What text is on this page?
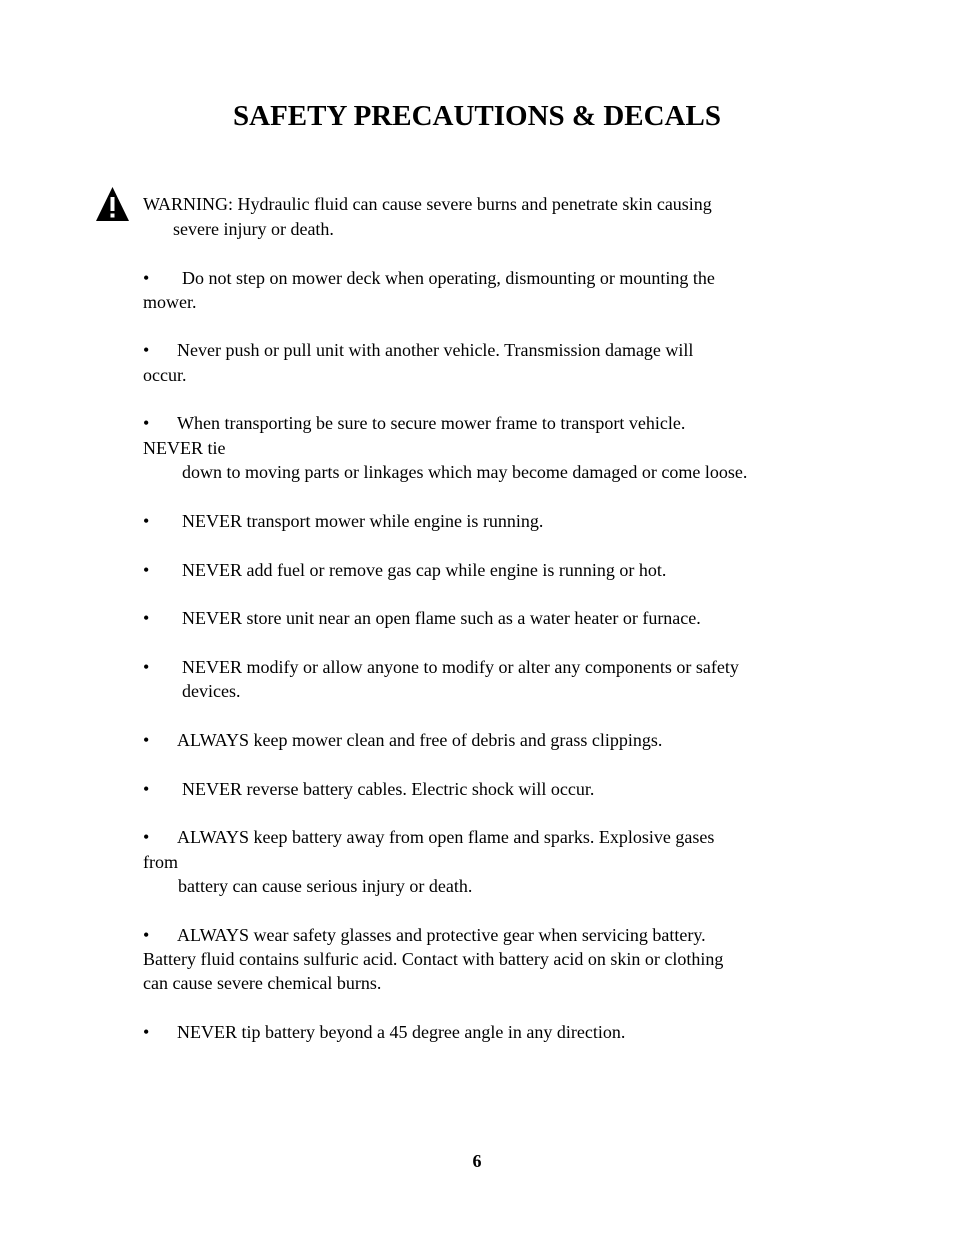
SAFETY PRECAUTIONS & DECALS
WARNING: Hydraulic fluid can cause severe burns and penetrate skin causing
severe injury or death.
• Do not step on mower deck when operating, dismounting or mounting the
mower.
• Never push or pull unit with another vehicle. Transmission damage will
occur.
• When transporting be sure to secure mower frame to transport vehicle.
NEVER tie
down to moving parts or linkages which may become damaged or come loose.
• NEVER transport mower while engine is running.
• NEVER add fuel or remove gas cap while engine is running or hot.
• NEVER store unit near an open flame such as a water heater or furnace.
• NEVER modify or allow anyone to modify or alter any components or safety
devices.
• ALWAYS keep mower clean and free of debris and grass clippings.
• NEVER reverse battery cables. Electric shock will occur.
• ALWAYS keep battery away from open flame and sparks. Explosive gases
from
battery can cause serious injury or death.
• ALWAYS wear safety glasses and protective gear when servicing battery.
Battery fluid contains sulfuric acid. Contact with battery acid on skin or clothing
can cause severe chemical burns.
• NEVER tip battery beyond a 45 degree angle in any direction.
6
